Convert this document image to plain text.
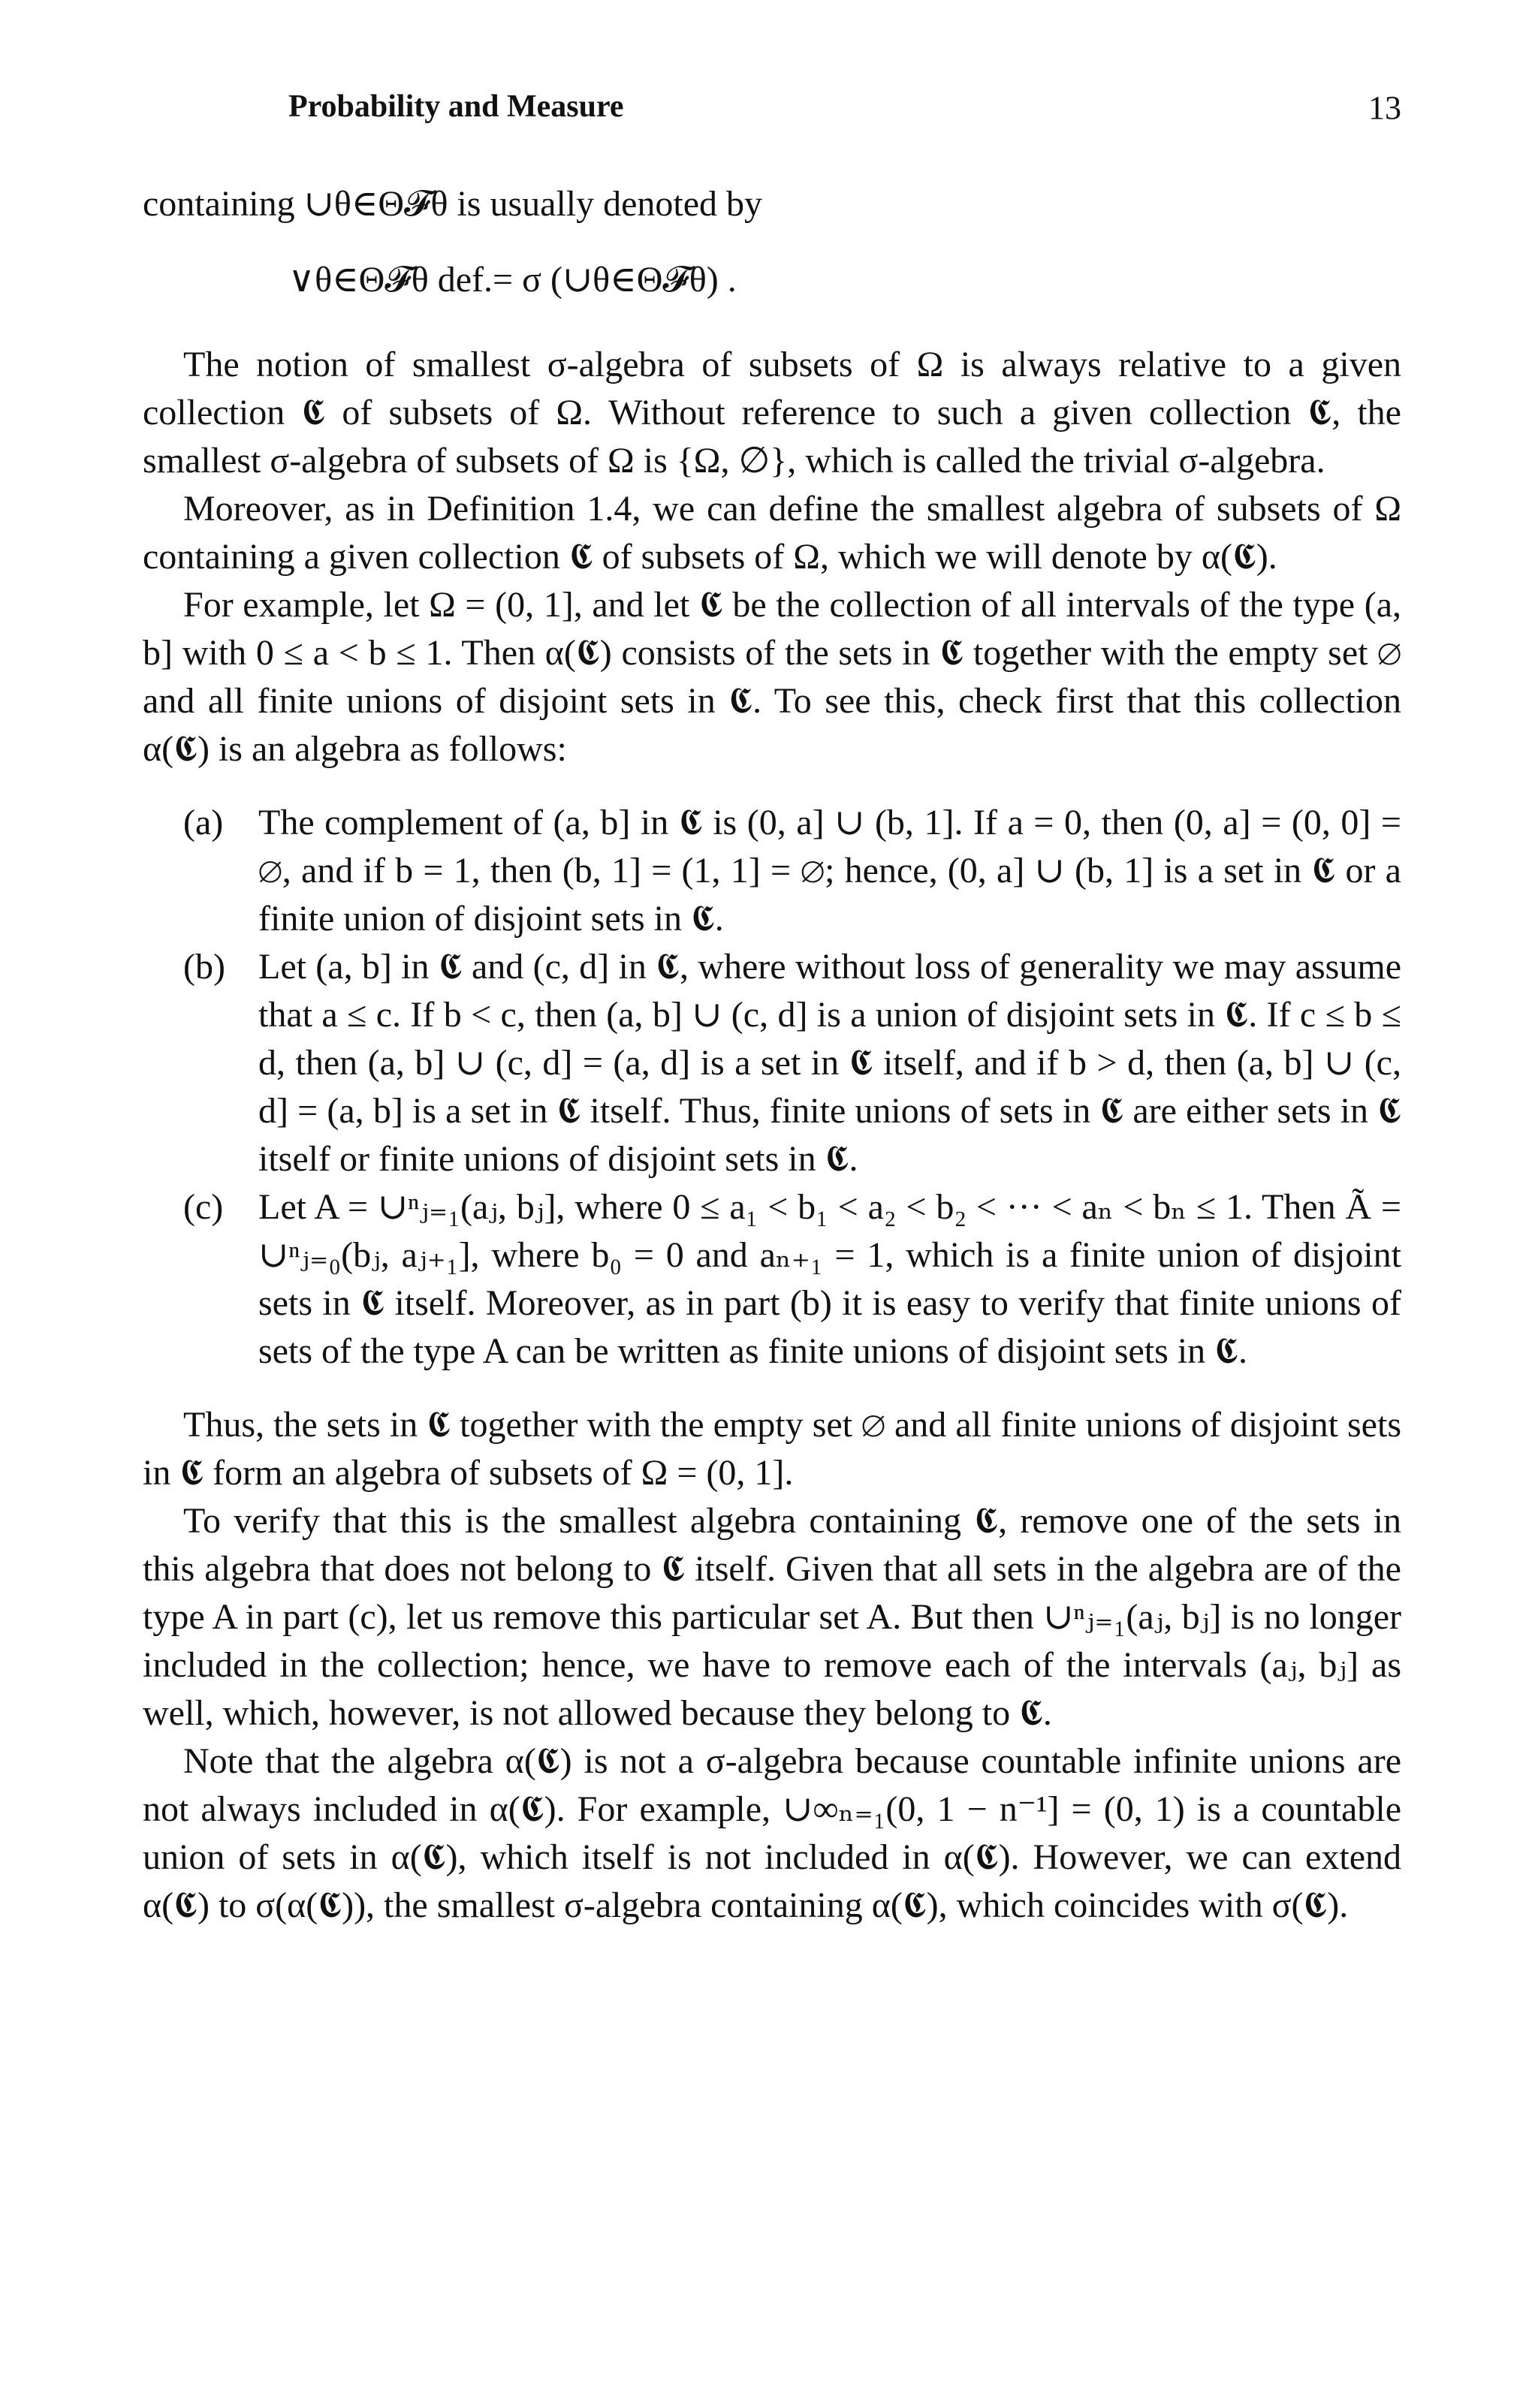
Probability and Measure	13

containing ∪θ∈Θ𝓕θ is usually denoted by

∨θ∈Θ𝓕θ def.= σ (∪θ∈Θ𝓕θ) .

The notion of smallest σ-algebra of subsets of Ω is always relative to a given collection 𝕮 of subsets of Ω. Without reference to such a given collection 𝕮, the smallest σ-algebra of subsets of Ω is {Ω, ∅}, which is called the trivial σ-algebra.

Moreover, as in Definition 1.4, we can define the smallest algebra of subsets of Ω containing a given collection 𝕮 of subsets of Ω, which we will denote by α(𝕮).

For example, let Ω = (0, 1], and let 𝕮 be the collection of all intervals of the type (a, b] with 0 ≤ a < b ≤ 1. Then α(𝕮) consists of the sets in 𝕮 together with the empty set ∅ and all finite unions of disjoint sets in 𝕮. To see this, check first that this collection α(𝕮) is an algebra as follows:

(a) The complement of (a, b] in 𝕮 is (0, a] ∪ (b, 1]. If a = 0, then (0, a] = (0, 0] = ∅, and if b = 1, then (b, 1] = (1, 1] = ∅; hence, (0, a] ∪ (b, 1] is a set in 𝕮 or a finite union of disjoint sets in 𝕮.
(b) Let (a, b] in 𝕮 and (c, d] in 𝕮, where without loss of generality we may assume that a ≤ c. If b < c, then (a, b] ∪ (c, d] is a union of disjoint sets in 𝕮. If c ≤ b ≤ d, then (a, b] ∪ (c, d] = (a, d] is a set in 𝕮 itself, and if b > d, then (a, b] ∪ (c, d] = (a, b] is a set in 𝕮 itself. Thus, finite unions of sets in 𝕮 are either sets in 𝕮 itself or finite unions of disjoint sets in 𝕮.
(c) Let A = ∪ⁿⱼ₌₁(aⱼ, bⱼ], where 0 ≤ a₁ < b₁ < a₂ < b₂ < ··· < aₙ < bₙ ≤ 1. Then Ã = ∪ⁿⱼ₌₀(bⱼ, aⱼ₊₁], where b₀ = 0 and aₙ₊₁ = 1, which is a finite union of disjoint sets in 𝕮 itself. Moreover, as in part (b) it is easy to verify that finite unions of sets of the type A can be written as finite unions of disjoint sets in 𝕮.

Thus, the sets in 𝕮 together with the empty set ∅ and all finite unions of disjoint sets in 𝕮 form an algebra of subsets of Ω = (0, 1].

To verify that this is the smallest algebra containing 𝕮, remove one of the sets in this algebra that does not belong to 𝕮 itself. Given that all sets in the algebra are of the type A in part (c), let us remove this particular set A. But then ∪ⁿⱼ₌₁(aⱼ, bⱼ] is no longer included in the collection; hence, we have to remove each of the intervals (aⱼ, bⱼ] as well, which, however, is not allowed because they belong to 𝕮.

Note that the algebra α(𝕮) is not a σ-algebra because countable infinite unions are not always included in α(𝕮). For example, ∪∞ₙ₌₁(0, 1 − n⁻¹] = (0, 1) is a countable union of sets in α(𝕮), which itself is not included in α(𝕮). However, we can extend α(𝕮) to σ(α(𝕮)), the smallest σ-algebra containing α(𝕮), which coincides with σ(𝕮).
